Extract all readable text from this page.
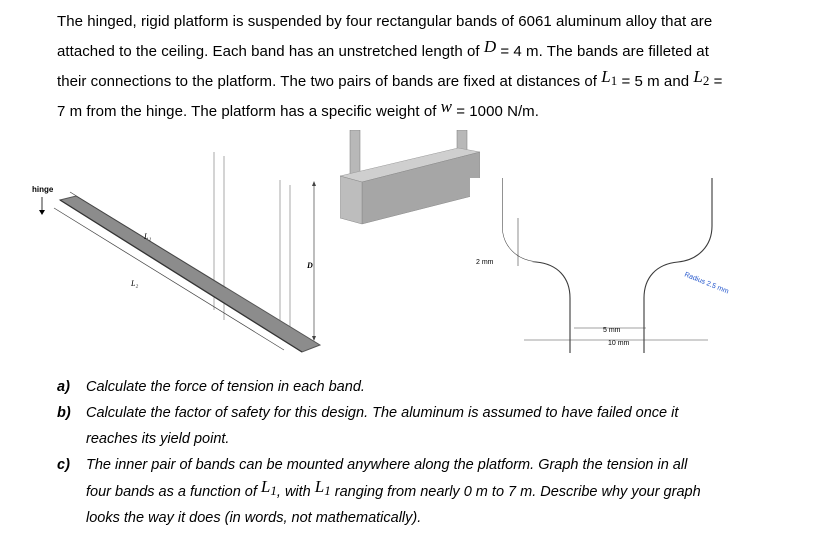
The hinged, rigid platform is suspended by four rectangular bands of 6061 aluminum alloy that are
attached to the ceiling. Each band has an unstretched length of D = 4 m. The bands are filleted at
their connections to the platform. The two pairs of bands are fixed at distances of L1 = 5 m and L2 =
7 m from the hinge. The platform has a specific weight of w = 1000 N/m.
hinge
L₁
L₂
D	2 mm
5 mm
10 mm
Radius 2.5 mm
a)	Calculate the force of tension in each band.
b)	Calculate the factor of safety for this design. The aluminum is assumed to have failed once it
reaches its yield point.
c)	The inner pair of bands can be mounted anywhere along the platform. Graph the tension in all
four bands as a function of L1, with L1 ranging from nearly 0 m to 7 m. Describe why your graph
looks the way it does (in words, not mathematically).
